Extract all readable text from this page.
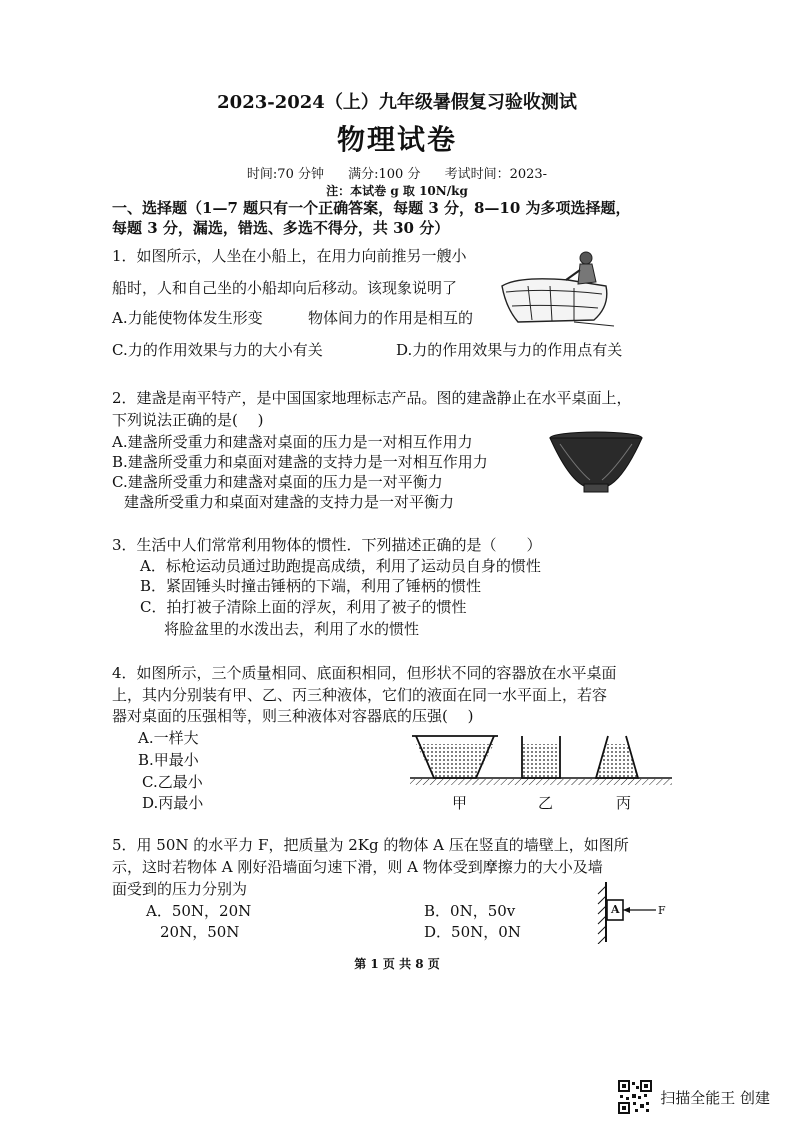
2023-2024（上）九年级暑假复习验收测试
物理试卷
时间:70 分钟 满分:100 分 考试时间：2023-
注：本试卷 g 取 10N/kg
一、选择题（1—7 题只有一个正确答案，每题 3 分，8—10 为多项选择题，
每题 3 分，漏选，错选、多选不得分，共 30 分）
1．如图所示，人坐在小船上，在用力向前推另一艘小
船时，人和自己坐的小船却向后移动。该现象说明了
A.力能使物体发生形变	物体间力的作用是相互的
C.力的作用效果与力的大小有关	D.力的作用效果与力的作用点有关
2．建盏是南平特产，是中国国家地理标志产品。图的建盏静止在水平桌面上，
下列说法正确的是(　 )
A.建盏所受重力和建盏对桌面的压力是一对相互作用力
B.建盏所受重力和桌面对建盏的支持力是一对相互作用力
C.建盏所受重力和建盏对桌面的压力是一对平衡力
建盏所受重力和桌面对建盏的支持力是一对平衡力
3．生活中人们常常利用物体的惯性．下列描述正确的是（　　）
A．标枪运动员通过助跑提高成绩，利用了运动员自身的惯性
B．紧固锤头时撞击锤柄的下端，利用了锤柄的惯性
C．拍打被子清除上面的浮灰，利用了被子的惯性
将脸盆里的水泼出去，利用了水的惯性
4．如图所示，三个质量相同、底面积相同，但形状不同的容器放在水平桌面
上，其内分别装有甲、乙、丙三种液体，它们的液面在同一水平面上，若容
器对桌面的压强相等，则三种液体对容器底的压强(　 )
A.一样大
B.甲最小
C.乙最小
D.丙最小	甲	乙	丙
5．用 50N 的水平力 F，把质量为 2Kg 的物体 A 压在竖直的墙壁上，如图所
示，这时若物体 A 刚好沿墙面匀速下滑，则 A 物体受到摩擦力的大小及墙
面受到的压力分别为
A．50N，20N	B．0N，50v
20N，50N	D．50N，0N
A	F
第 1 页 共 8 页
扫描全能王 创建
